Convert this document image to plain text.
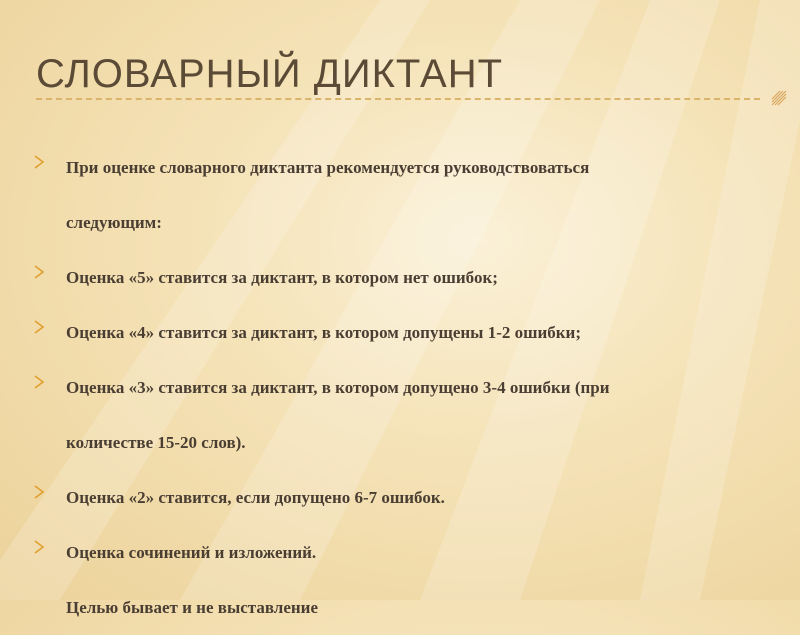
СЛОВАРНЫЙ ДИКТАНТ

При оценке словарного диктанта рекомендуется руководствоваться
следующим:

Оценка «5» ставится за диктант, в котором нет ошибок;

Оценка «4» ставится за диктант, в котором допущены 1-2 ошибки;

Оценка «3» ставится за диктант, в котором допущено 3-4 ошибки (при
количестве 15-20 слов).

Оценка «2» ставится, если допущено 6-7 ошибок.

Оценка сочинений и изложений.

Целью бывает и не выставление
